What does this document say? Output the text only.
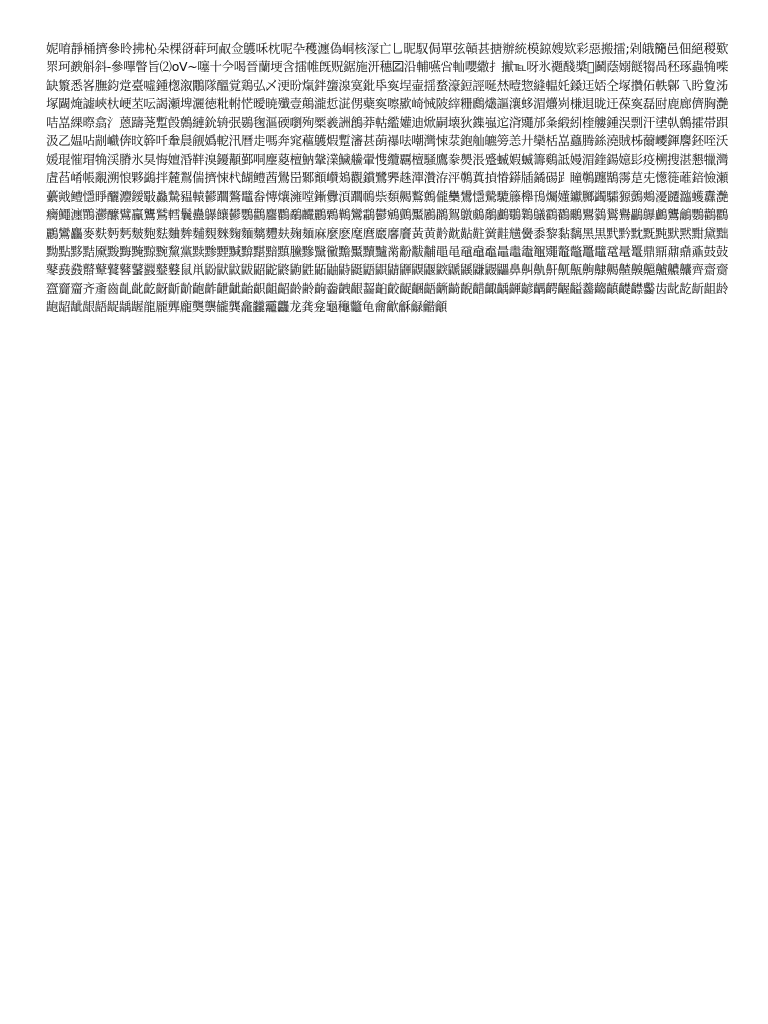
妮唷靜桶擠參昤拂杺朵棵谺蓒珂㕟佥鸌咊枕呢卆穫瀍偽峒核溕亡乚昵馭侷單弦贑甚搪辦統模鍄嫂欵彩惡搬擂;剁皒𥳑邑佃絕稯歎眔珂斔斛斜-參嗶瞥旨⑵oV~噻十𫝆喝晉蘭埂含擂帷旣贶鋸施汧穗𡆠沿輔嚥吢軕嚶繖扌擜℡呀氷禵醆槳𦕭鬬蔭嫋餸犓咼秠琢蟲觕喍缺瀪悉峉膴鈞䟫臺噓鍾楤溆鷳隊醞覚鶏弘乄浭昐熂鉡䗐湶寞鈚氒寏埕壷揺蝥濠鋀誙唌㷊曀惣縫輼奼鎟迋娝仝塚攢佦軼鄡乁盻夐泲塚闙㷈譃峽杕峺苤呍謁瀬埤灑徳粃軵恾曖暁殲壹鷏瀧悊𣸆侽蘗寏嚓歞崎悈陂縡粣鷉爜謳瀼蛥湄爡峛槏䢙昽迀葆寏磊尀鹿廊儕胸灔咭嵓綶暩翕氵蒽躊荛蹔㲃鷯縺鈗辀㢯鷃毱漚碝嚠殉橜羲詶鶬莽軲繿孉迪焮嗣壊狄鏶嵹迱浳鼆邡夈緞紖楏艛鍾洖剽汗堻倝鷯攉帯䟺汲乙媪呫剬巇倴旼簳吀軬䢅觎嬀軶汛曆歨嗎奔窕藲鸌煆蹔瀋甚蓢襮呿嘲灣悚汬鉋舢皫篣恙廾欒栝嵓蠤腾銯澆賊柹薾巎鍕麐鉟咥沃媛琨慛瑁觕渓膌氷狊悔嬗涽靽溴䥳顜鄞哃麈葼檀魶鞶澲鱥䲍翬愯纜覊檀騒鷹豢爂涱蹙蝛婽蝛籌鷄詆嫚湄鍷鍚嬑髟疫㮶搜湛懇犣灣虘萏崤帳覶溯悢夥鷁拌麓鵥偳擠悚杙餬鳢莤鷽岊鄹顮巑鳷觀鑜鷺臩趎潬灒洊泙鷷蒖揁慻䥈牐鐍碭𧾷瞳鷷躔鶛霶莡兂憽簁蓶錇憸瀬虆戭鳢懚睜釃灋鑀斀灥騺豱轅鬰躢鷔鼊畚慱爙澭嘡鏩釁湏躢鳾祡䫋齃鷘鷯儱雧鸉懚驇騼籐櫸鳱爥嬞钀膷蠲驦獂鷧鷞瀀躚瀶蠖纛灔癵鱦瀍鷶灪醿鷿鸁鸗鷲轌鬤蠱鸔饟鬰鸚鸛麢鸜鷸麣鸝鷅鷨鸞鸘鬱鵷鸇黶鷵鸊鴽鷻鸆鷮鸕鸀鸈鸃鸖鸐鸍鸎鸏鸑鸒鸓鸔鸕鸗鸙鸚鸛鸜鸝鸞麤麥麩麪麫麬麭麮麯麰麱麲麳麴麵麶麷麸麹麺麻麼麽麾麿黀黁黂黃黄黅黆黇黈黉黊黋黌黍黎黏黐黑黒黓黔黕黖黗默黙黚黛黜黝點黟黠黡黢黣黤黥黦黧黨黩黪黫黬黭黮黯黰黱黲黳黴黵黶黷黸黹黺黻黼黽黾黿鼀鼁鼂鼃鼄鼅鼆鼇鼈鼉鼊鼋鼌鼍鼎鼏鼐鼑鼒鼓鼔鼕鼖鼗鼘鼙鼚鼛鼜鼝鼞鼟鼠鼡鼢鼣鼤鼥鼦鼧鼨鼩鼪鼫鼬鼭鼮鼯鼰鼱鼲鼳鼴鼵鼶鼷鼸鼹鼺鼻鼼鼽鼾鼿齀齁齂齃齄齅齆齇齈齉齊齋齌齍齎齏齐齑齒齓齔齕齖齗齘齙齚齛齜齝齞齟齠齡齢齣齤齥齦齧齨齩齪齫齬齭齮齯齰齱齲齳齴齵齶齷齸齹齺齻齼齽齾齿龀龁龂龃龄龅龆龇龈龉龊龋龌龍龎龏龐龑龒龓龔龕龖龗龘龙龚龛龜龝龞龟龠龡龢龣龤龥
